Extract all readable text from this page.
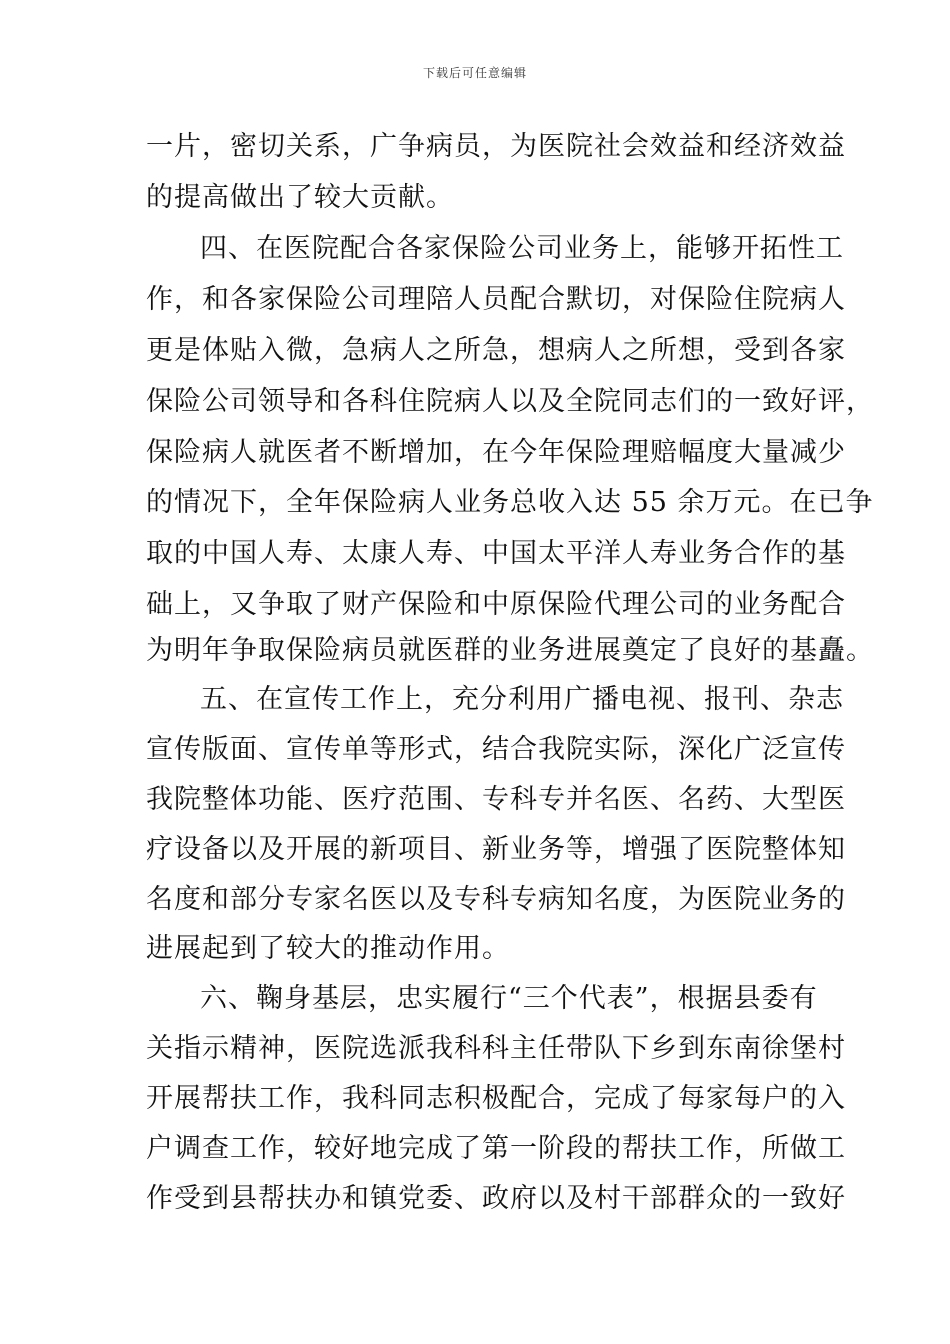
下载后可任意编辑
一片，密切关系，广争病员，为医院社会效益和经济效益
的提高做出了较大贡献。
四、在医院配合各家保险公司业务上，能够开拓性工
作，和各家保险公司理陪人员配合默切，对保险住院病人
更是体贴入微，急病人之所急，想病人之所想，受到各家
保险公司领导和各科住院病人以及全院同志们的一致好评，
保险病人就医者不断增加，在今年保险理赔幅度大量减少
的情况下，全年保险病人业务总收入达 55 余万元。在已争
取的中国人寿、太康人寿、中国太平洋人寿业务合作的基
础上，又争取了财产保险和中原保险代理公司的业务配合
为明年争取保险病员就医群的业务进展奠定了良好的基矗。
五、在宣传工作上，充分利用广播电视、报刊、杂志
宣传版面、宣传单等形式，结合我院实际，深化广泛宣传
我院整体功能、医疗范围、专科专并名医、名药、大型医
疗设备以及开展的新项目、新业务等，增强了医院整体知
名度和部分专家名医以及专科专病知名度，为医院业务的
进展起到了较大的推动作用。
六、鞠身基层，忠实履行“三个代表”，根据县委有
关指示精神，医院选派我科科主任带队下乡到东南徐堡村
开展帮扶工作，我科同志积极配合，完成了每家每户的入
户调查工作，较好地完成了第一阶段的帮扶工作，所做工
作受到县帮扶办和镇党委、政府以及村干部群众的一致好
